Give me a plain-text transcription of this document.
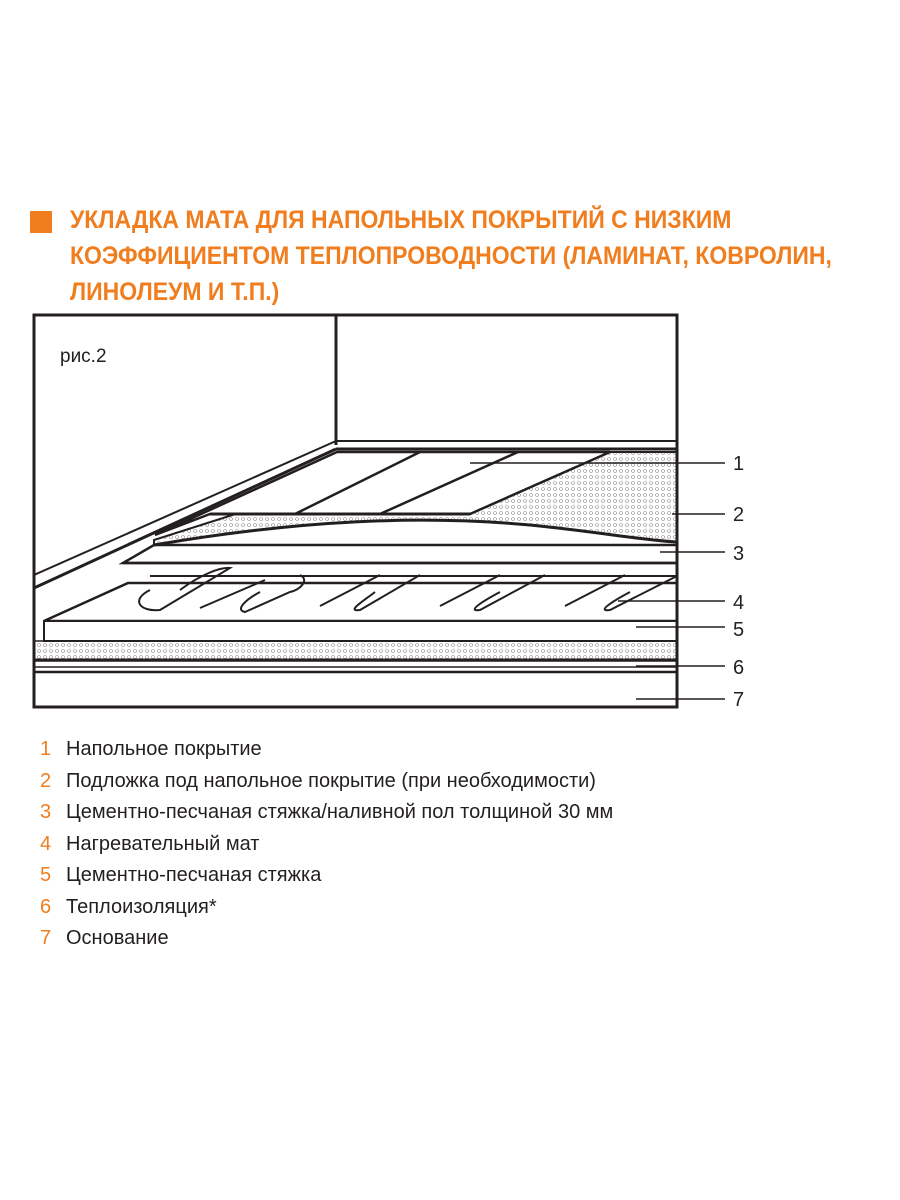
УКЛАДКА МАТА ДЛЯ НАПОЛЬНЫХ ПОКРЫТИЙ С НИЗКИМ КОЭФФИЦИЕНТОМ ТЕПЛОПРОВОДНОСТИ (ЛАМИНАТ, КОВРОЛИН, ЛИНОЛЕУМ И Т.П.)

рис.2
1
2
3
4
5
6
7
1 Напольное покрытие
2 Подложка под напольное покрытие (при необходимости)
3 Цементно-песчаная стяжка/наливной пол толщиной 30 мм
4 Нагревательный мат
5 Цементно-песчаная стяжка
6 Теплоизоляция*
7 Основание
